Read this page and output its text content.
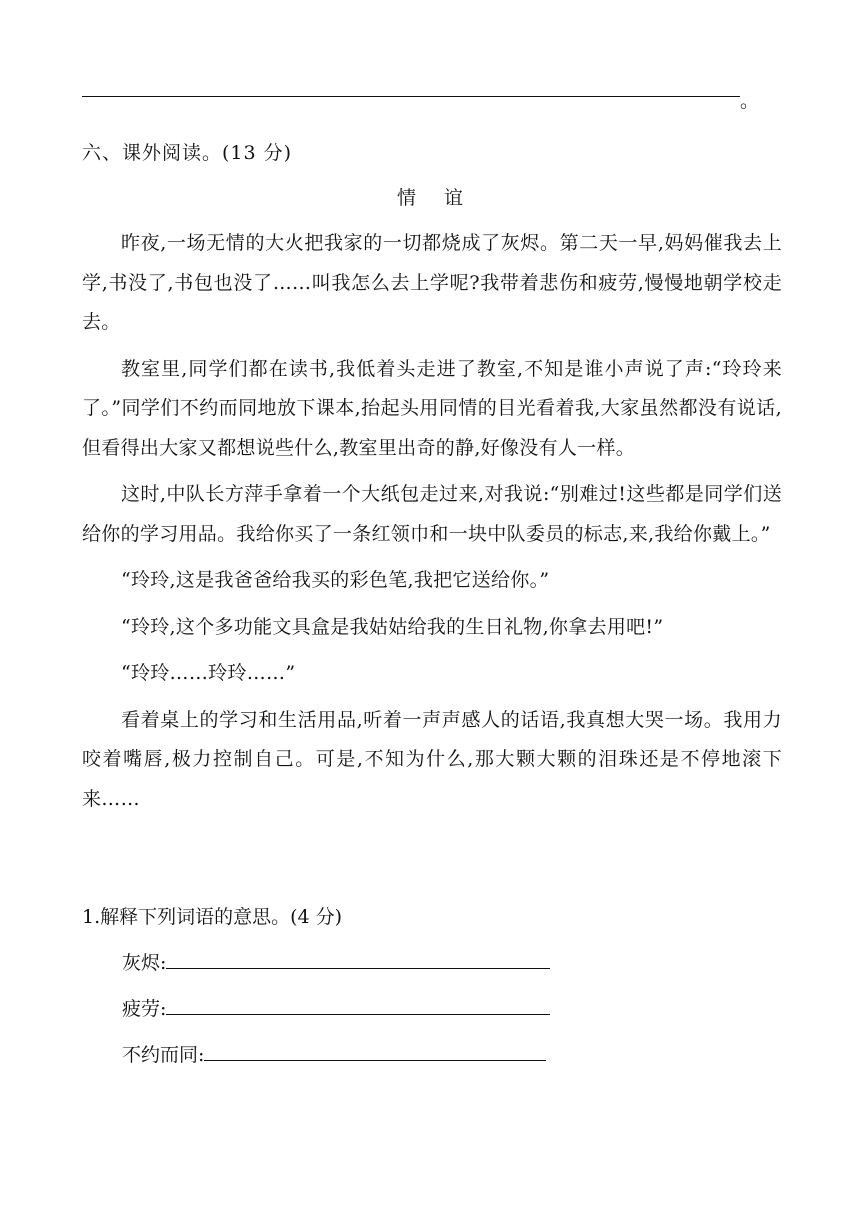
。
六、课外阅读。(13 分)
情谊

昨夜,一场无情的大火把我家的一切都烧成了灰烬。第二天一早,妈妈催我去上学,书没了,书包也没了……叫我怎么去上学呢?我带着悲伤和疲劳,慢慢地朝学校走去。

教室里,同学们都在读书,我低着头走进了教室,不知是谁小声说了声:“玲玲来了。”同学们不约而同地放下课本,抬起头用同情的目光看着我,大家虽然都没有说话,但看得出大家又都想说些什么,教室里出奇的静,好像没有人一样。

这时,中队长方萍手拿着一个大纸包走过来,对我说:“别难过!这些都是同学们送给你的学习用品。我给你买了一条红领巾和一块中队委员的标志,来,我给你戴上。”

“玲玲,这是我爸爸给我买的彩色笔,我把它送给你。”

“玲玲,这个多功能文具盒是我姑姑给我的生日礼物,你拿去用吧!”

“玲玲……玲玲……”

看着桌上的学习和生活用品,听着一声声感人的话语,我真想大哭一场。我用力咬着嘴唇,极力控制自己。可是,不知为什么,那大颗大颗的泪珠还是不停地滚下来……

1.解释下列词语的意思。(4 分)
灰烬:
疲劳:
不约而同:
